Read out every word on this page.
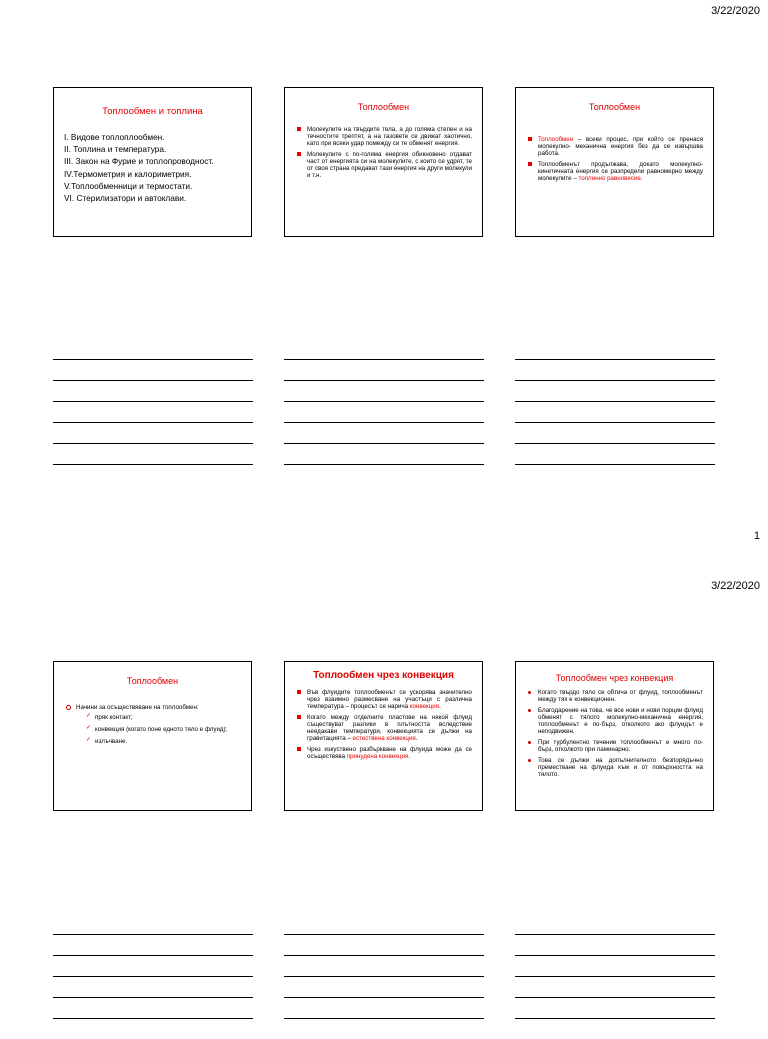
3/22/2020
Топлообмен и топлина
I. Видове топлоплообмен.
II. Топлина и температура.
III. Закон на Фурие и топлопроводност.
IV.Термометрия и калориметрия.
V.Топлообменници и термостати.
VI. Стерилизатори и автоклави.
Топлообмен
Молекулите на твърдите тела, а до голяма степен и на течностите трептят, а на газовете се движат хаотично, като при всеки удар помежду си те обменят енергия.
Молекулите с по-голяма енергия обикновено отдават част от енергията си на молекулите, с които се удрят, те от своя страна предават тази енергия на други молекули и т.н.
Топлообмен
Топлообмен – всеки процес, при който се пренася молекулно- механична енергия без да се извършва работа.
Топлообменът продължава, докато молекулно-кинетичната енергия се разпредели равномерно между молекулите – топлинно равновесие.
1
3/22/2020
Топлообмен
Начини за осъществяване на топлообмен:
✓ пряк контакт;
✓ конвекция (когато поне едното тяло е флуид);
✓ излъчване.
Топлообмен чрез конвекция
Във флуидите топлообменът се ускорява значително чрез взаимно размесване на участъци с различна температура – процесът се нарича конвекция.
Когато между отделните пластове на някой флуид съществуват разлики в плътността вследствие неедакави температури, конвекцията се дължи на гравитацията – естествена конвекция.
Чрез изкуствено разбъркване на флуида може да се осъществява принудена конвекция.
Топлообмен чрез конвекция
Когато твърдо тяло се обтича от флуид, топлообменът между тях е конвекционен.
Благодарение на това, че все нови и нови порции флуид обменят с тялото молекулно-механична енергия, топлообменът е по-бърз, отколкото ако флуидът е неподвижен.
При турбулентно течение топлообменът е много по-бърз, отколкото при ламинарно.
Това се дължи на допълнителното безпорядъчно преместване на флуида към и от повърхността на тялото.
